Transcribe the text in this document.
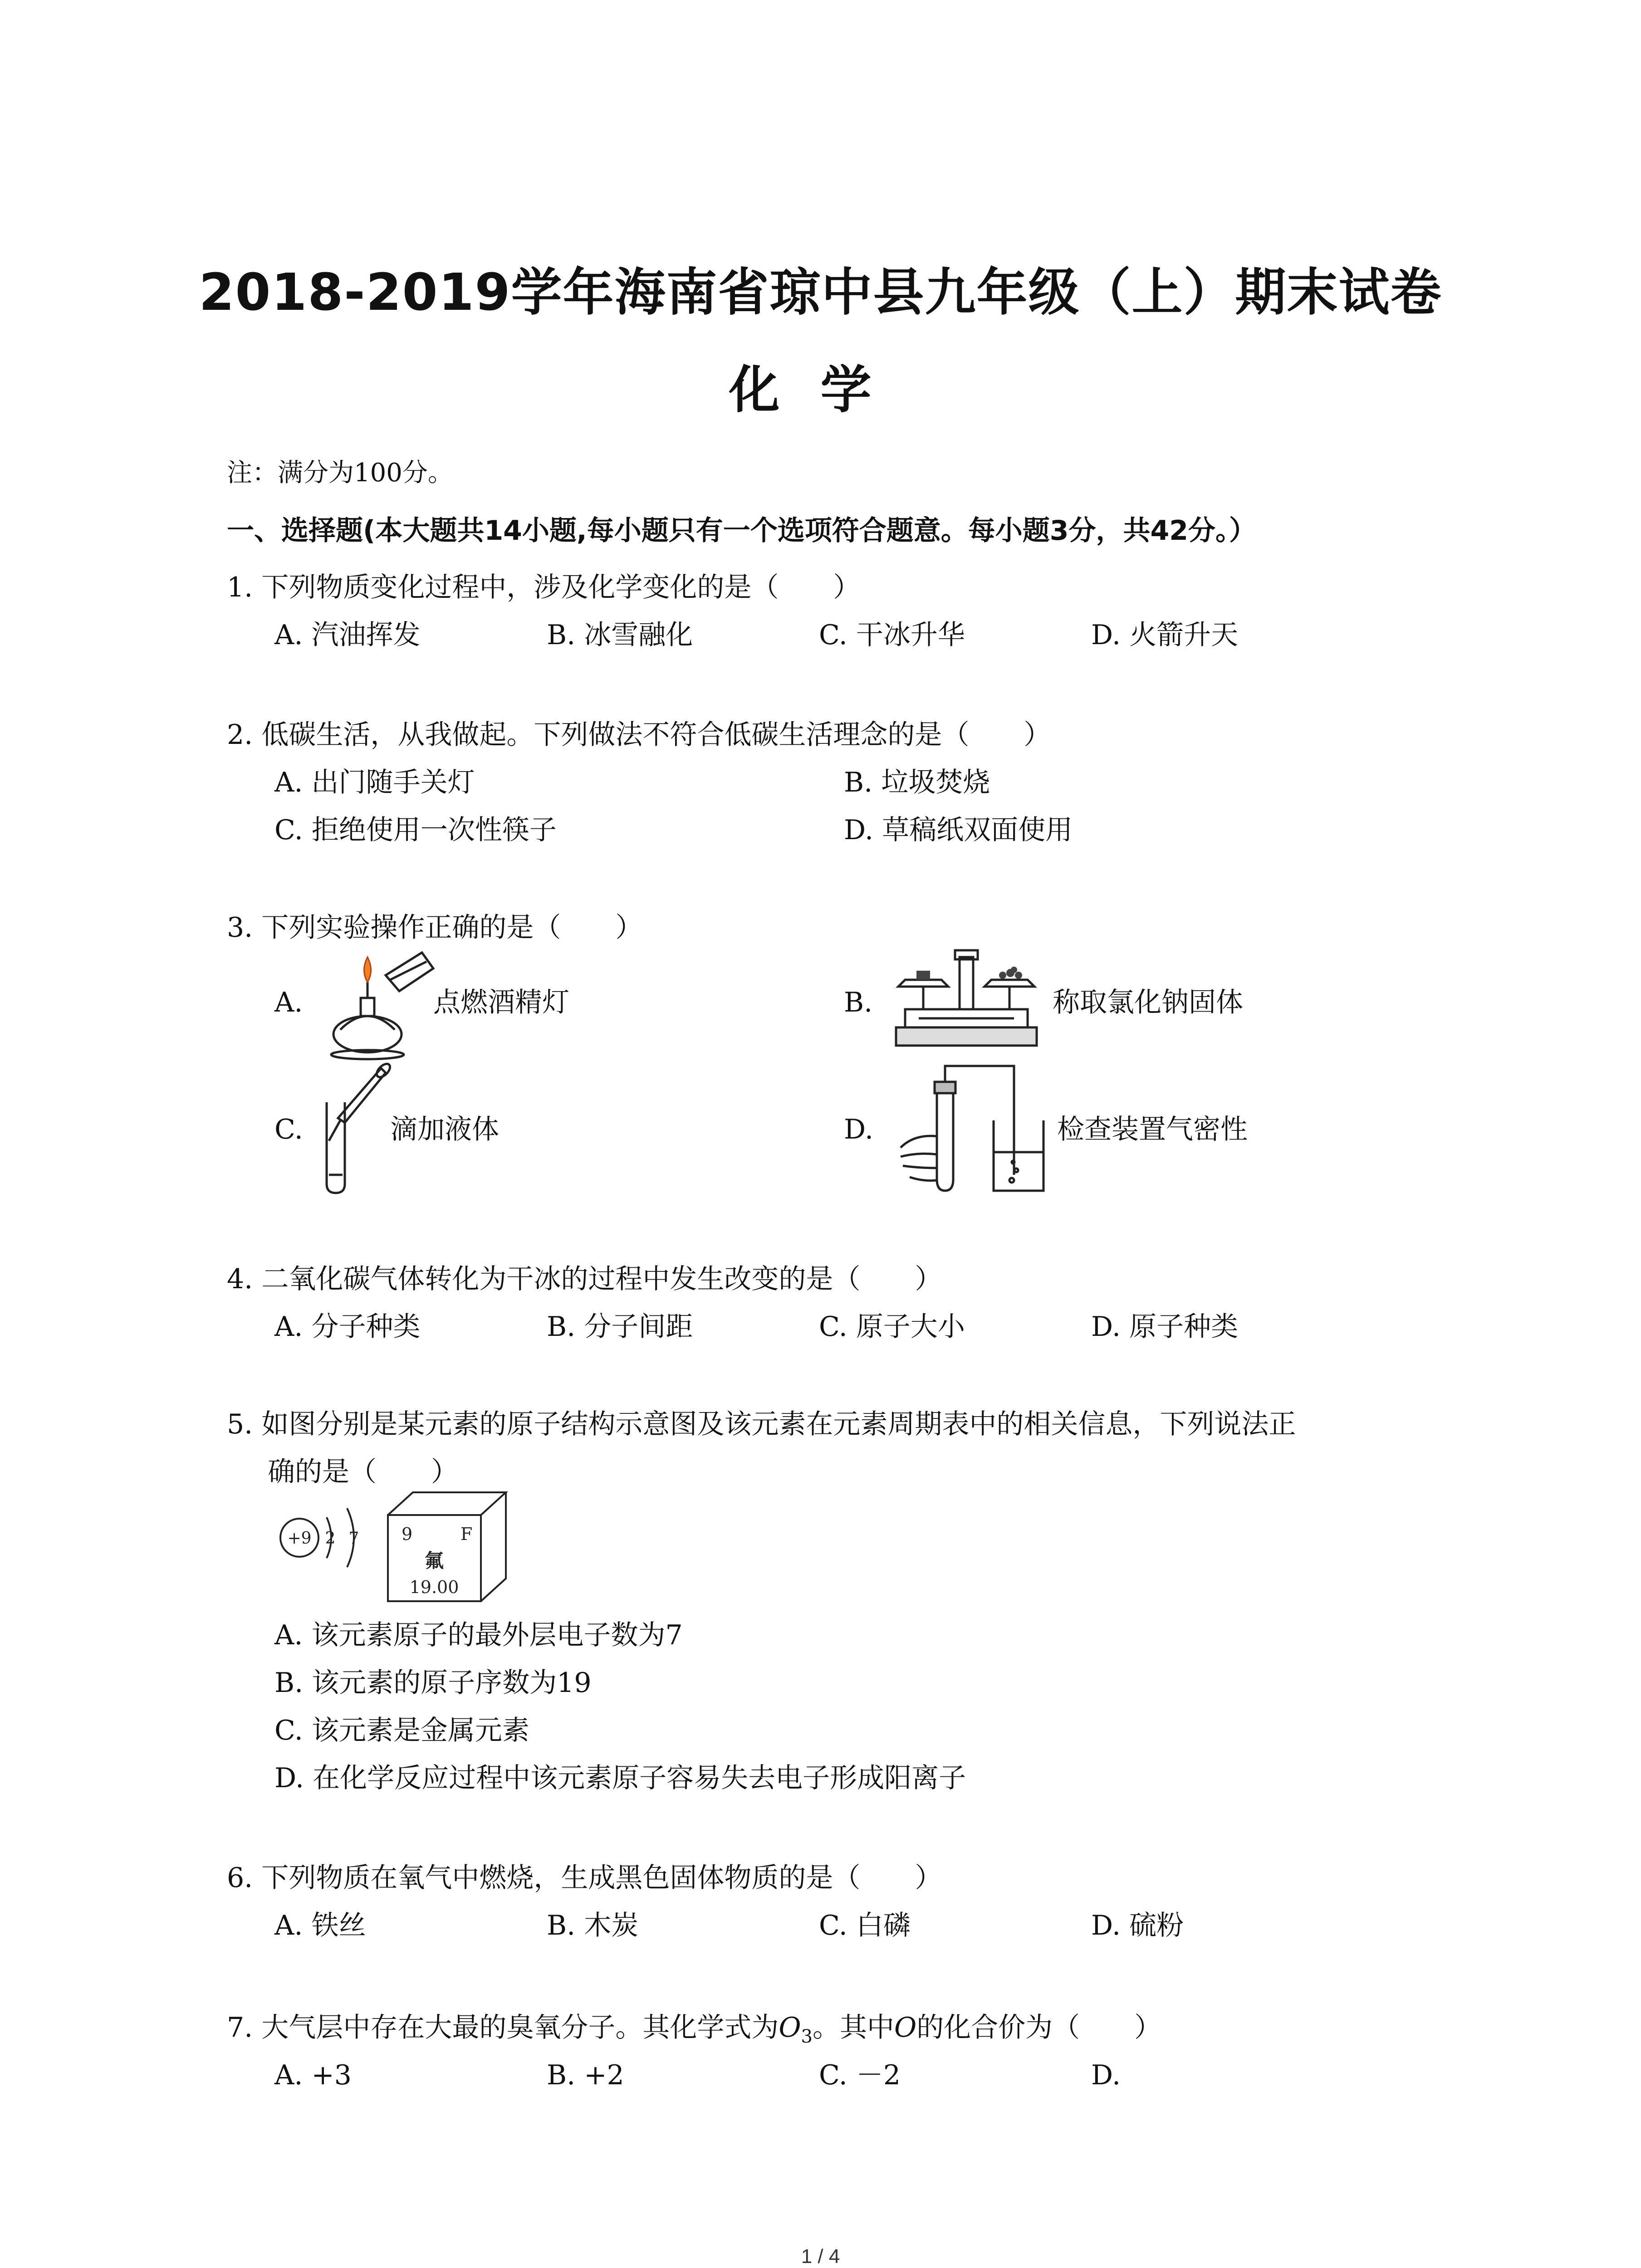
2018-2019学年海南省琼中县九年级（上）期末试卷
化学
注：满分为100分。
一、选择题(本大题共14小题,每小题只有一个选项符合题意。每小题3分，共42分。）
1. 下列物质变化过程中，涉及化学变化的是（　　）
A. 汽油挥发	B. 冰雪融化	C. 干冰升华	D. 火箭升天
2. 低碳生活，从我做起。下列做法不符合低碳生活理念的是（　　）
A. 出门随手关灯	B. 垃圾焚烧
C. 拒绝使用一次性筷子	D. 草稿纸双面使用
3. 下列实验操作正确的是（　　）
A.	点燃酒精灯	B.	称取氯化钠固体
C.	滴加液体	D.	检查装置气密性
4. 二氧化碳气体转化为干冰的过程中发生改变的是（　　）
A. 分子种类	B. 分子间距	C. 原子大小	D. 原子种类
5. 如图分别是某元素的原子结构示意图及该元素在元素周期表中的相关信息，下列说法正
确的是（　　）
+9 2 7 9	F
氟
19.00
A. 该元素原子的最外层电子数为7
B. 该元素的原子序数为19
C. 该元素是金属元素
D. 在化学反应过程中该元素原子容易失去电子形成阳离子
6. 下列物质在氧气中燃烧，生成黑色固体物质的是（　　）
A. 铁丝	B. 木炭	C. 白磷	D. 硫粉
7. 大气层中存在大最的臭氧分子。其化学式为$O_3$。其中O的化合价为（　　）
A. +3	B. +2	C. －2	D.
1 / 4
